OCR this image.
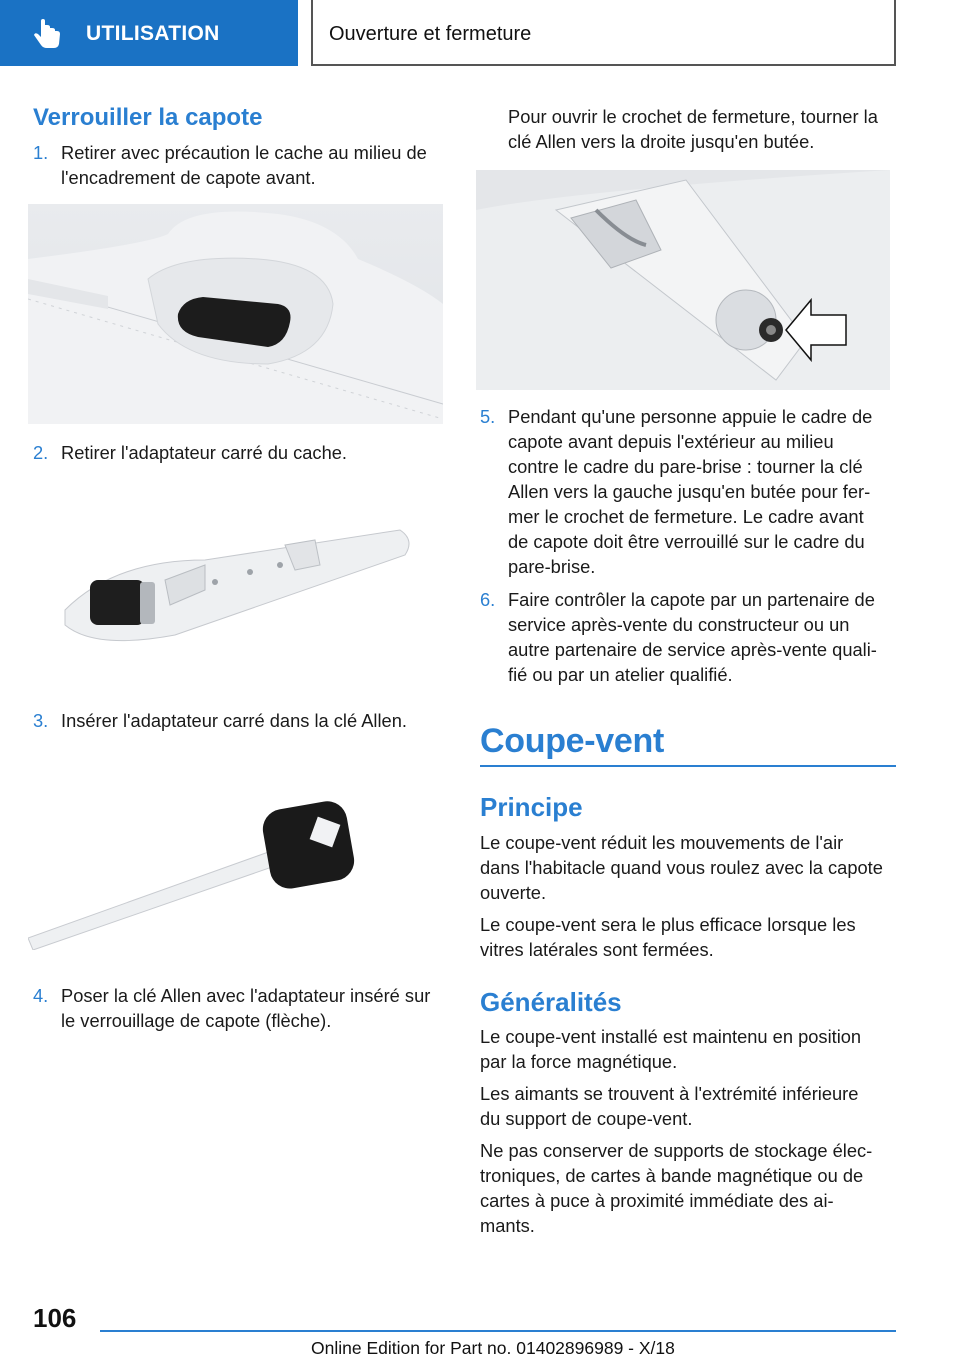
UTILISATION	Ouverture et fermeture
Verrouiller la capote
1. Retirer avec précaution le cache au milieu de
l'encadrement de capote avant.
2. Retirer l'adaptateur carré du cache.
3. Insérer l'adaptateur carré dans la clé Allen.
4. Poser la clé Allen avec l'adaptateur inséré sur
le verrouillage de capote (flèche).
Pour ouvrir le crochet de fermeture, tourner la
clé Allen vers la droite jusqu'en butée.
5. Pendant qu'une personne appuie le cadre de
capote avant depuis l'extérieur au milieu
contre le cadre du pare-brise : tourner la clé
Allen vers la gauche jusqu'en butée pour fer-
mer le crochet de fermeture. Le cadre avant
de capote doit être verrouillé sur le cadre du
pare-brise.
6. Faire contrôler la capote par un partenaire de
service après-vente du constructeur ou un
autre partenaire de service après-vente quali-
fié ou par un atelier qualifié.
Coupe-vent
Principe
Le coupe-vent réduit les mouvements de l'air
dans l'habitacle quand vous roulez avec la capote
ouverte.
Le coupe-vent sera le plus efficace lorsque les
vitres latérales sont fermées.
Généralités
Le coupe-vent installé est maintenu en position
par la force magnétique.
Les aimants se trouvent à l'extrémité inférieure
du support de coupe-vent.
Ne pas conserver de supports de stockage élec-
troniques, de cartes à bande magnétique ou de
cartes à puce à proximité immédiate des ai-
mants.
106
Online Edition for Part no. 01402896989 - X/18
